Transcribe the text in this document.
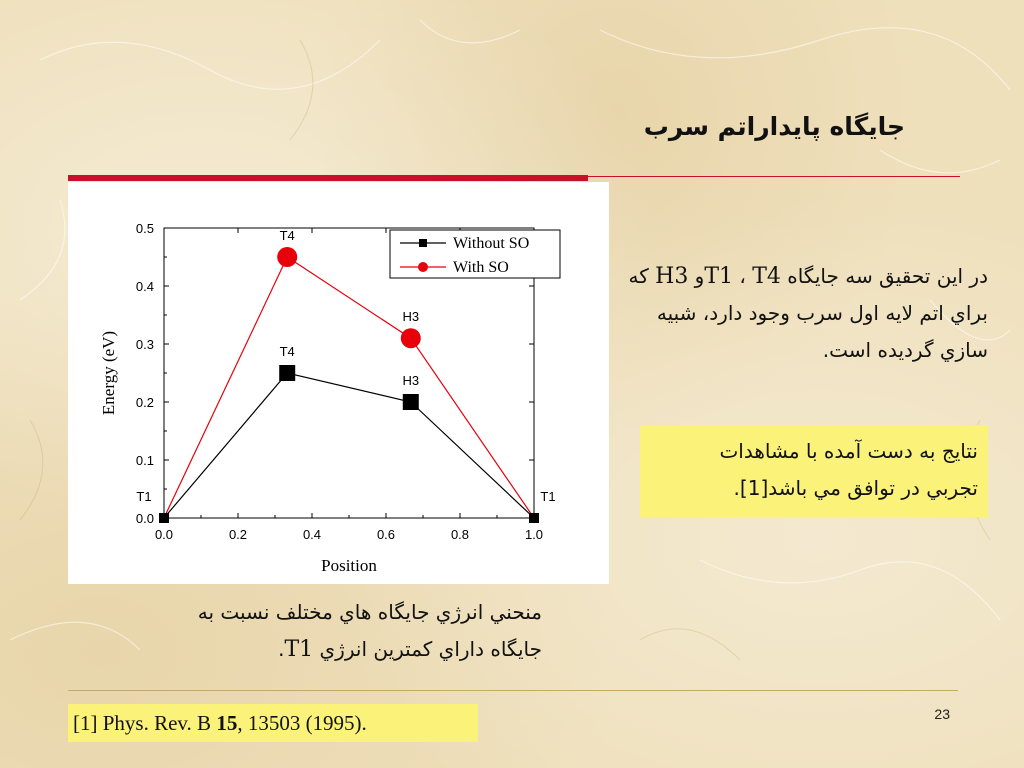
جايگاه پايداراتم سرب
0.0	0.2	0.4	0.6	0.8	1.0
0.0
0.1
0.2
0.3
0.4
0.5
Position
Energy (eV)
T1
T4
H3
T1
T4
H3
Without SO
With SO	در اين تحقيق سه جايگاه T1 ، T4و H3 كه براي اتم لايه اول سرب وجود دارد، شبيه سازي گرديده است.
نتايج به دست آمده با مشاهدات
تجربي در توافق مي باشد[1].
منحني انرژي جايگاه هاي مختلف نسبت به
جايگاه داراي كمترين انرژي T1.
[1] Phys. Rev. B 15, 13503 (1995).	23
